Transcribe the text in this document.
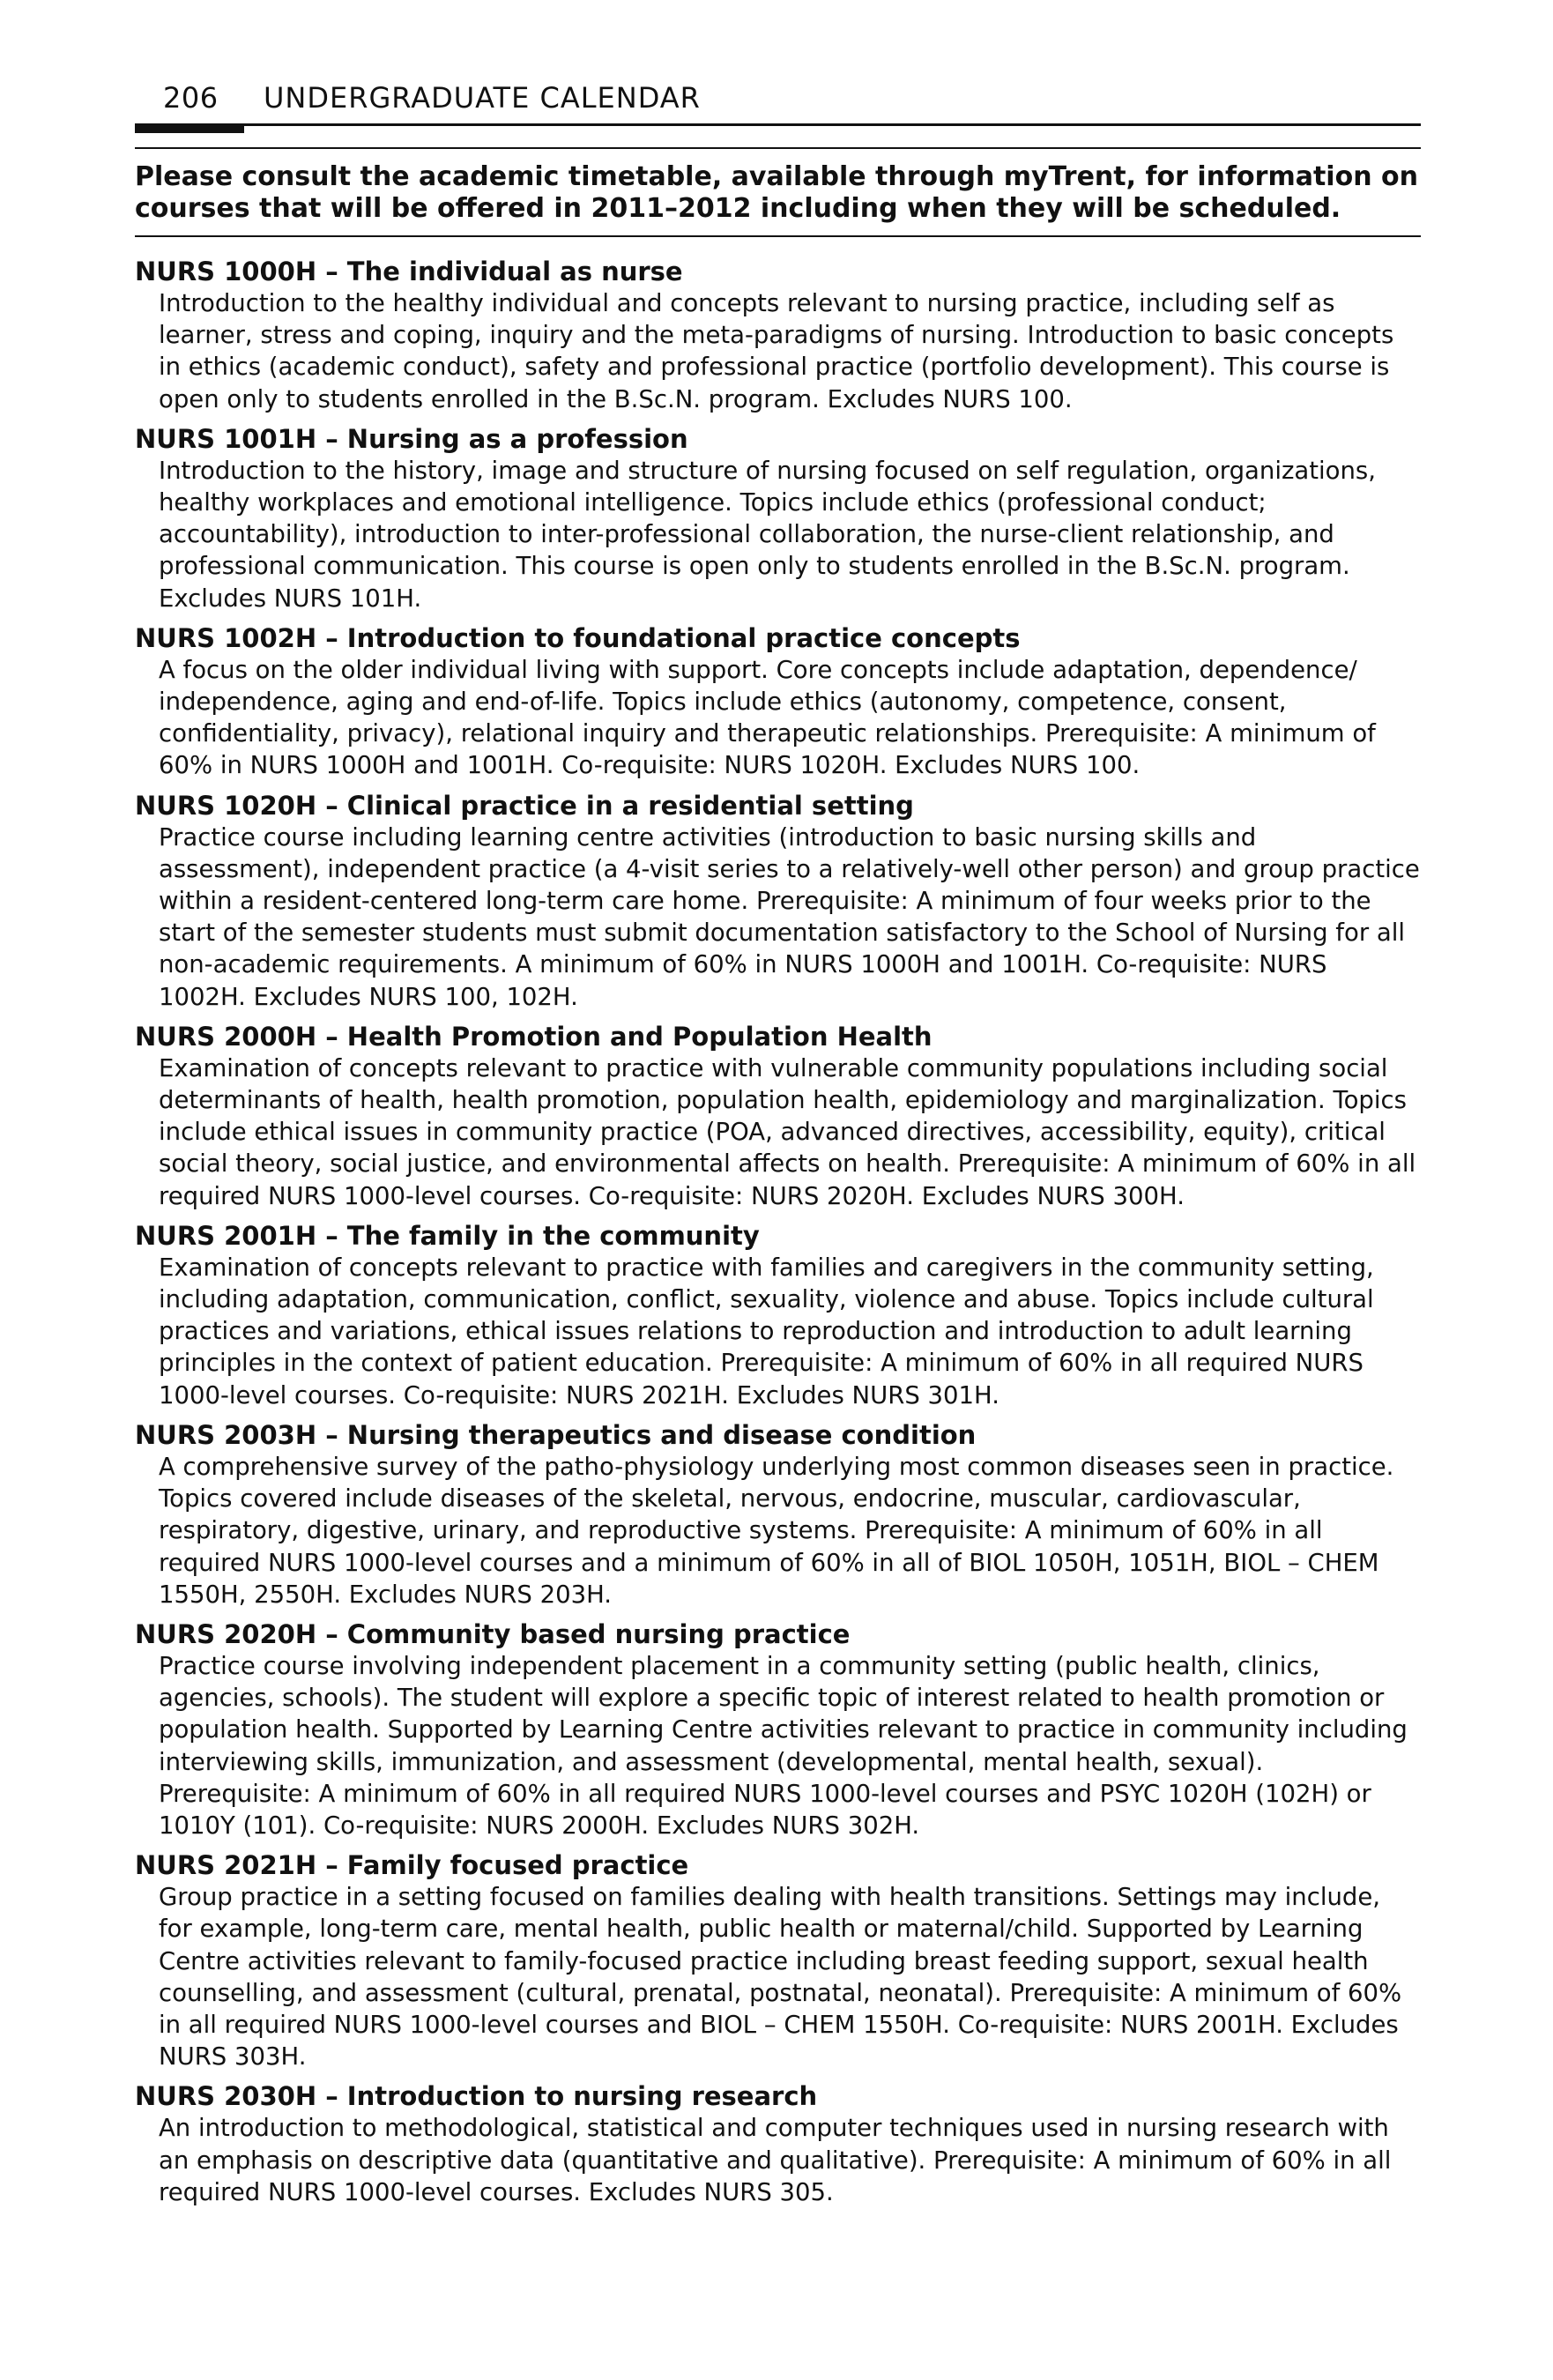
206 UNDERGRADUATE CALENDAR
Please consult the academic timetable, available through myTrent, for information on courses that will be offered in 2011–2012 including when they will be scheduled.
NURS 1000H – The individual as nurse
Introduction to the healthy individual and concepts relevant to nursing practice, including self as learner, stress and coping, inquiry and the meta-paradigms of nursing. Introduction to basic concepts in ethics (academic conduct), safety and professional practice (portfolio development). This course is open only to students enrolled in the B.Sc.N. program. Excludes NURS 100.
NURS 1001H – Nursing as a profession
Introduction to the history, image and structure of nursing focused on self regulation, organizations, healthy workplaces and emotional intelligence. Topics include ethics (professional conduct; accountability), introduction to inter-professional collaboration, the nurse-client relationship, and professional communication. This course is open only to students enrolled in the B.Sc.N. program. Excludes NURS 101H.
NURS 1002H – Introduction to foundational practice concepts
A focus on the older individual living with support. Core concepts include adaptation, dependence/ independence, aging and end-of-life. Topics include ethics (autonomy, competence, consent, confidentiality, privacy), relational inquiry and therapeutic relationships. Prerequisite: A minimum of 60% in NURS 1000H and 1001H. Co-requisite: NURS 1020H. Excludes NURS 100.
NURS 1020H – Clinical practice in a residential setting
Practice course including learning centre activities (introduction to basic nursing skills and assessment), independent practice (a 4-visit series to a relatively-well other person) and group practice within a resident-centered long-term care home. Prerequisite: A minimum of four weeks prior to the start of the semester students must submit documentation satisfactory to the School of Nursing for all non-academic requirements. A minimum of 60% in NURS 1000H and 1001H. Co-requisite: NURS 1002H. Excludes NURS 100, 102H.
NURS 2000H – Health Promotion and Population Health
Examination of concepts relevant to practice with vulnerable community populations including social determinants of health, health promotion, population health, epidemiology and marginalization. Topics include ethical issues in community practice (POA, advanced directives, accessibility, equity), critical social theory, social justice, and environmental affects on health. Prerequisite: A minimum of 60% in all required NURS 1000-level courses. Co-requisite: NURS 2020H. Excludes NURS 300H.
NURS 2001H – The family in the community
Examination of concepts relevant to practice with families and caregivers in the community setting, including adaptation, communication, conflict, sexuality, violence and abuse. Topics include cultural practices and variations, ethical issues relations to reproduction and introduction to adult learning principles in the context of patient education. Prerequisite: A minimum of 60% in all required NURS 1000-level courses. Co-requisite: NURS 2021H. Excludes NURS 301H.
NURS 2003H – Nursing therapeutics and disease condition
A comprehensive survey of the patho-physiology underlying most common diseases seen in practice. Topics covered include diseases of the skeletal, nervous, endocrine, muscular, cardiovascular, respiratory, digestive, urinary, and reproductive systems. Prerequisite: A minimum of 60% in all required NURS 1000-level courses and a minimum of 60% in all of BIOL 1050H, 1051H, BIOL – CHEM 1550H, 2550H. Excludes NURS 203H.
NURS 2020H – Community based nursing practice
Practice course involving independent placement in a community setting (public health, clinics, agencies, schools). The student will explore a specific topic of interest related to health promotion or population health. Supported by Learning Centre activities relevant to practice in community including interviewing skills, immunization, and assessment (developmental, mental health, sexual). Prerequisite: A minimum of 60% in all required NURS 1000-level courses and PSYC 1020H (102H) or 1010Y (101). Co-requisite: NURS 2000H. Excludes NURS 302H.
NURS 2021H – Family focused practice
Group practice in a setting focused on families dealing with health transitions. Settings may include, for example, long-term care, mental health, public health or maternal/child. Supported by Learning Centre activities relevant to family-focused practice including breast feeding support, sexual health counselling, and assessment (cultural, prenatal, postnatal, neonatal). Prerequisite: A minimum of 60% in all required NURS 1000-level courses and BIOL – CHEM 1550H. Co-requisite: NURS 2001H. Excludes NURS 303H.
NURS 2030H – Introduction to nursing research
An introduction to methodological, statistical and computer techniques used in nursing research with an emphasis on descriptive data (quantitative and qualitative). Prerequisite: A minimum of 60% in all required NURS 1000-level courses. Excludes NURS 305.
